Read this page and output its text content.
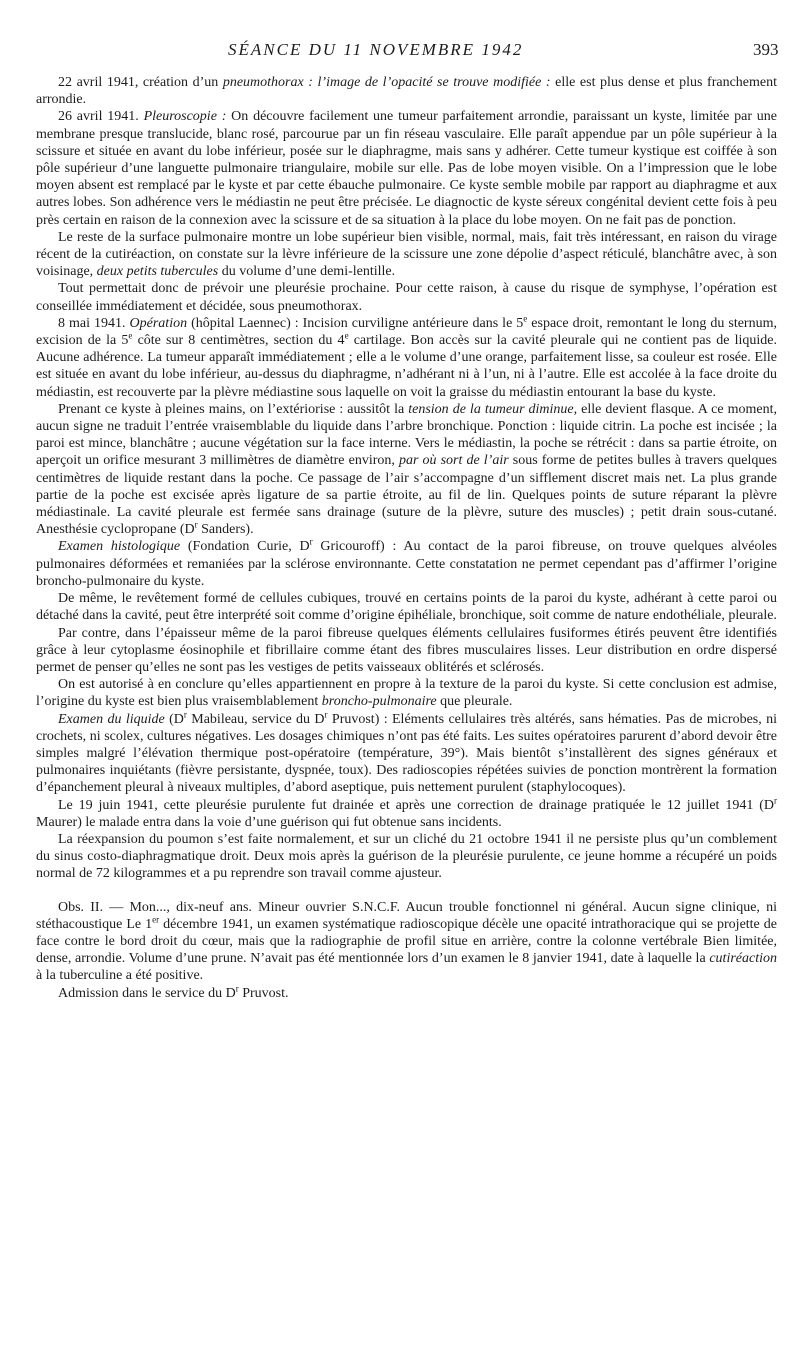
SÉANCE DU 11 NOVEMBRE 1942	393

22 avril 1941, création d’un pneumothorax : l’image de l’opacité se trouve modifiée : elle est plus dense et plus franchement arrondie.

26 avril 1941. Pleuroscopie : On découvre facilement une tumeur parfaitement arrondie, paraissant un kyste, limitée par une membrane presque translucide, blanc rosé, parcourue par un fin réseau vasculaire. Elle paraît appendue par un pôle supérieur à la scissure et située en avant du lobe inférieur, posée sur le diaphragme, mais sans y adhérer. Cette tumeur kystique est coiffée à son pôle supérieur d’une languette pulmonaire triangulaire, mobile sur elle. Pas de lobe moyen visible. On a l’impression que le lobe moyen absent est remplacé par le kyste et par cette ébauche pulmonaire. Ce kyste semble mobile par rapport au diaphragme et aux autres lobes. Son adhérence vers le médiastin ne peut être précisée. Le diagnoctic de kyste séreux congénital devient cette fois à peu près certain en raison de la connexion avec la scissure et de sa situation à la place du lobe moyen. On ne fait pas de ponction.

Le reste de la surface pulmonaire montre un lobe supérieur bien visible, normal, mais, fait très intéressant, en raison du virage récent de la cutiréaction, on constate sur la lèvre inférieure de la scissure une zone dépolie d’aspect réticulé, blanchâtre avec, à son voisinage, deux petits tubercules du volume d’une demi-lentille.

Tout permettait donc de prévoir une pleurésie prochaine. Pour cette raison, à cause du risque de symphyse, l’opération est conseillée immédiatement et décidée, sous pneumothorax.

8 mai 1941. Opération (hôpital Laennec) : Incision curviligne antérieure dans le 5e espace droit, remontant le long du sternum, excision de la 5e côte sur 8 centimètres, section du 4e cartilage. Bon accès sur la cavité pleurale qui ne contient pas de liquide. Aucune adhérence. La tumeur apparaît immédiatement ; elle a le volume d’une orange, parfaitement lisse, sa couleur est rosée. Elle est située en avant du lobe inférieur, au-dessus du diaphragme, n’adhérant ni à l’un, ni à l’autre. Elle est accolée à la face droite du médiastin, est recouverte par la plèvre médiastine sous laquelle on voit la graisse du médiastin entourant la base du kyste.

Prenant ce kyste à pleines mains, on l’extériorise : aussitôt la tension de la tumeur diminue, elle devient flasque. A ce moment, aucun signe ne traduit l’entrée vraisemblable du liquide dans l’arbre bronchique. Ponction : liquide citrin. La poche est incisée ; la paroi est mince, blanchâtre ; aucune végétation sur la face interne. Vers le médiastin, la poche se rétrécit : dans sa partie étroite, on aperçoit un orifice mesurant 3 millimètres de diamètre environ, par où sort de l’air sous forme de petites bulles à travers quelques centimètres de liquide restant dans la poche. Ce passage de l’air s’accompagne d’un sifflement discret mais net. La plus grande partie de la poche est excisée après ligature de sa partie étroite, au fil de lin. Quelques points de suture réparant la plèvre médiastinale. La cavité pleurale est fermée sans drainage (suture de la plèvre, suture des muscles) ; petit drain sous-cutané. Anesthésie cyclopropane ($D^r$ Sanders).

Examen histologique (Fondation Curie, $D^r$ Gricouroff) : Au contact de la paroi fibreuse, on trouve quelques alvéoles pulmonaires déformées et remaniées par la sclérose environnante. Cette constatation ne permet cependant pas d’affirmer l’origine broncho-pulmonaire du kyste.

De même, le revêtement formé de cellules cubiques, trouvé en certains points de la paroi du kyste, adhérant à cette paroi ou détaché dans la cavité, peut être interprété soit comme d’origine épihéliale, bronchique, soit comme de nature endothéliale, pleurale.

Par contre, dans l’épaisseur même de la paroi fibreuse quelques éléments cellulaires fusiformes étirés peuvent être identifiés grâce à leur cytoplasme éosinophile et fibrillaire comme étant des fibres musculaires lisses. Leur distribution en ordre dispersé permet de penser qu’elles ne sont pas les vestiges de petits vaisseaux oblitérés et sclérosés.

On est autorisé à en conclure qu’elles appartiennent en propre à la texture de la paroi du kyste. Si cette conclusion est admise, l’origine du kyste est bien plus vraisemblablement broncho-pulmonaire que pleurale.

Examen du liquide ($D^r$ Mabileau, service du $D^r$ Pruvost) : Eléments cellulaires très altérés, sans hématies. Pas de microbes, ni crochets, ni scolex, cultures négatives. Les dosages chimiques n’ont pas été faits. Les suites opératoires parurent d’abord devoir être simples malgré l’élévation thermique post-opératoire (température, 39°). Mais bientôt s’installèrent des signes généraux et pulmonaires inquiétants (fièvre persistante, dyspnée, toux). Des radioscopies répétées suivies de ponction montrèrent la formation d’épanchement pleural à niveaux multiples, d’abord aseptique, puis nettement purulent (staphylocoques).

Le 19 juin 1941, cette pleurésie purulente fut drainée et après une correction de drainage pratiquée le 12 juillet 1941 ($D^r$ Maurer) le malade entra dans la voie d’une guérison qui fut obtenue sans incidents.

La réexpansion du poumon s’est faite normalement, et sur un cliché du 21 octobre 1941 il ne persiste plus qu’un comblement du sinus costo-diaphragmatique droit. Deux mois après la guérison de la pleurésie purulente, ce jeune homme a récupéré un poids normal de 72 kilogrammes et a pu reprendre son travail comme ajusteur.

Obs. II. — Mon..., dix-neuf ans. Mineur ouvrier S.N.C.F. Aucun trouble fonctionnel ni général. Aucun signe clinique, ni stéthacoustique Le 1er décembre 1941, un examen systématique radioscopique décèle une opacité intrathoracique qui se projette de face contre le bord droit du cœur, mais que la radiographie de profil situe en arrière, contre la colonne vertébrale Bien limitée, dense, arrondie. Volume d’une prune. N’avait pas été mentionnée lors d’un examen le 8 janvier 1941, date à laquelle la cutiréaction à la tuberculine a été positive.

Admission dans le service du $D^r$ Pruvost.
